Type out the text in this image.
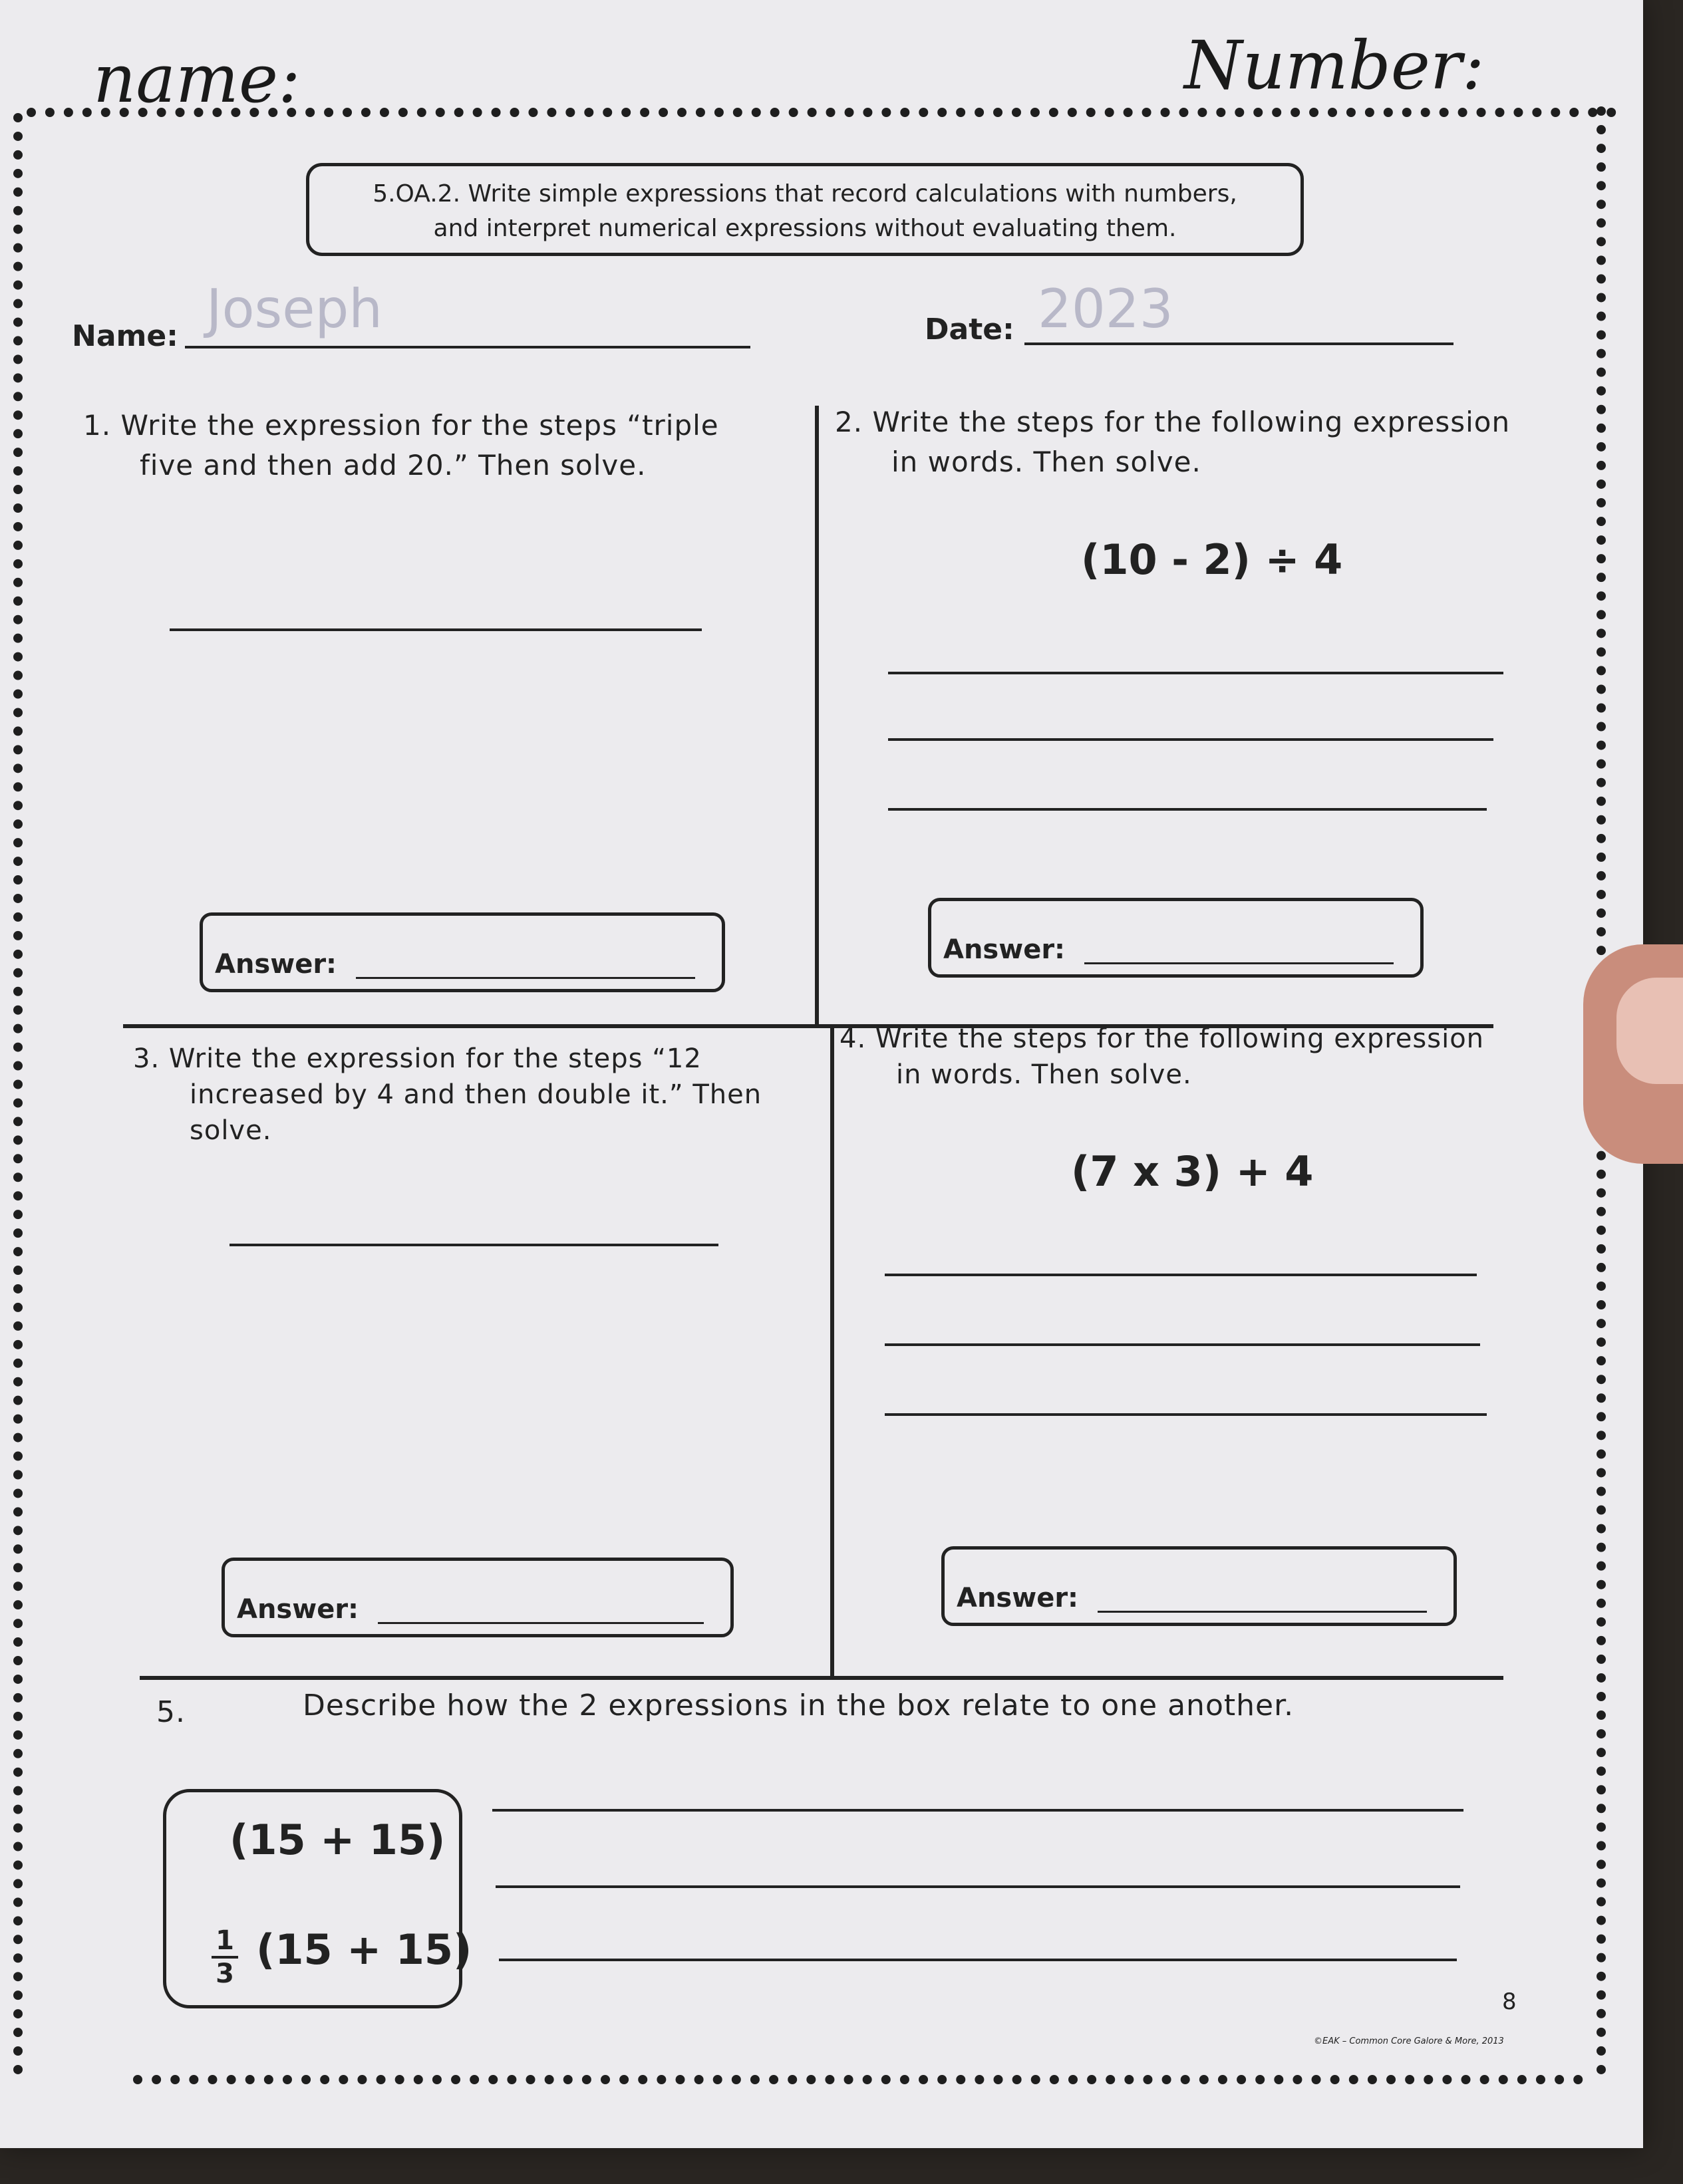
name:	Number:
5.OA.2. Write simple expressions that record calculations with numbers,
and interpret numerical expressions without evaluating them.
Name: Joseph	Date: 2023
1. Write the expression for the steps “triple
five and then add 20.” Then solve.
Answer:
2. Write the steps for the following expression
in words. Then solve.
(10 - 2) ÷ 4
Answer:
3. Write the expression for the steps “12
increased by 4 and then double it.” Then
solve.
Answer:
4. Write the steps for the following expression
in words. Then solve.
(7 x 3) + 4
Answer:
5.	Describe how the 2 expressions in the box relate to one another.
(15 + 15)
$\frac{1}{3} (15 + 15)$
8
©EAK – Common Core Galore & More, 2013
